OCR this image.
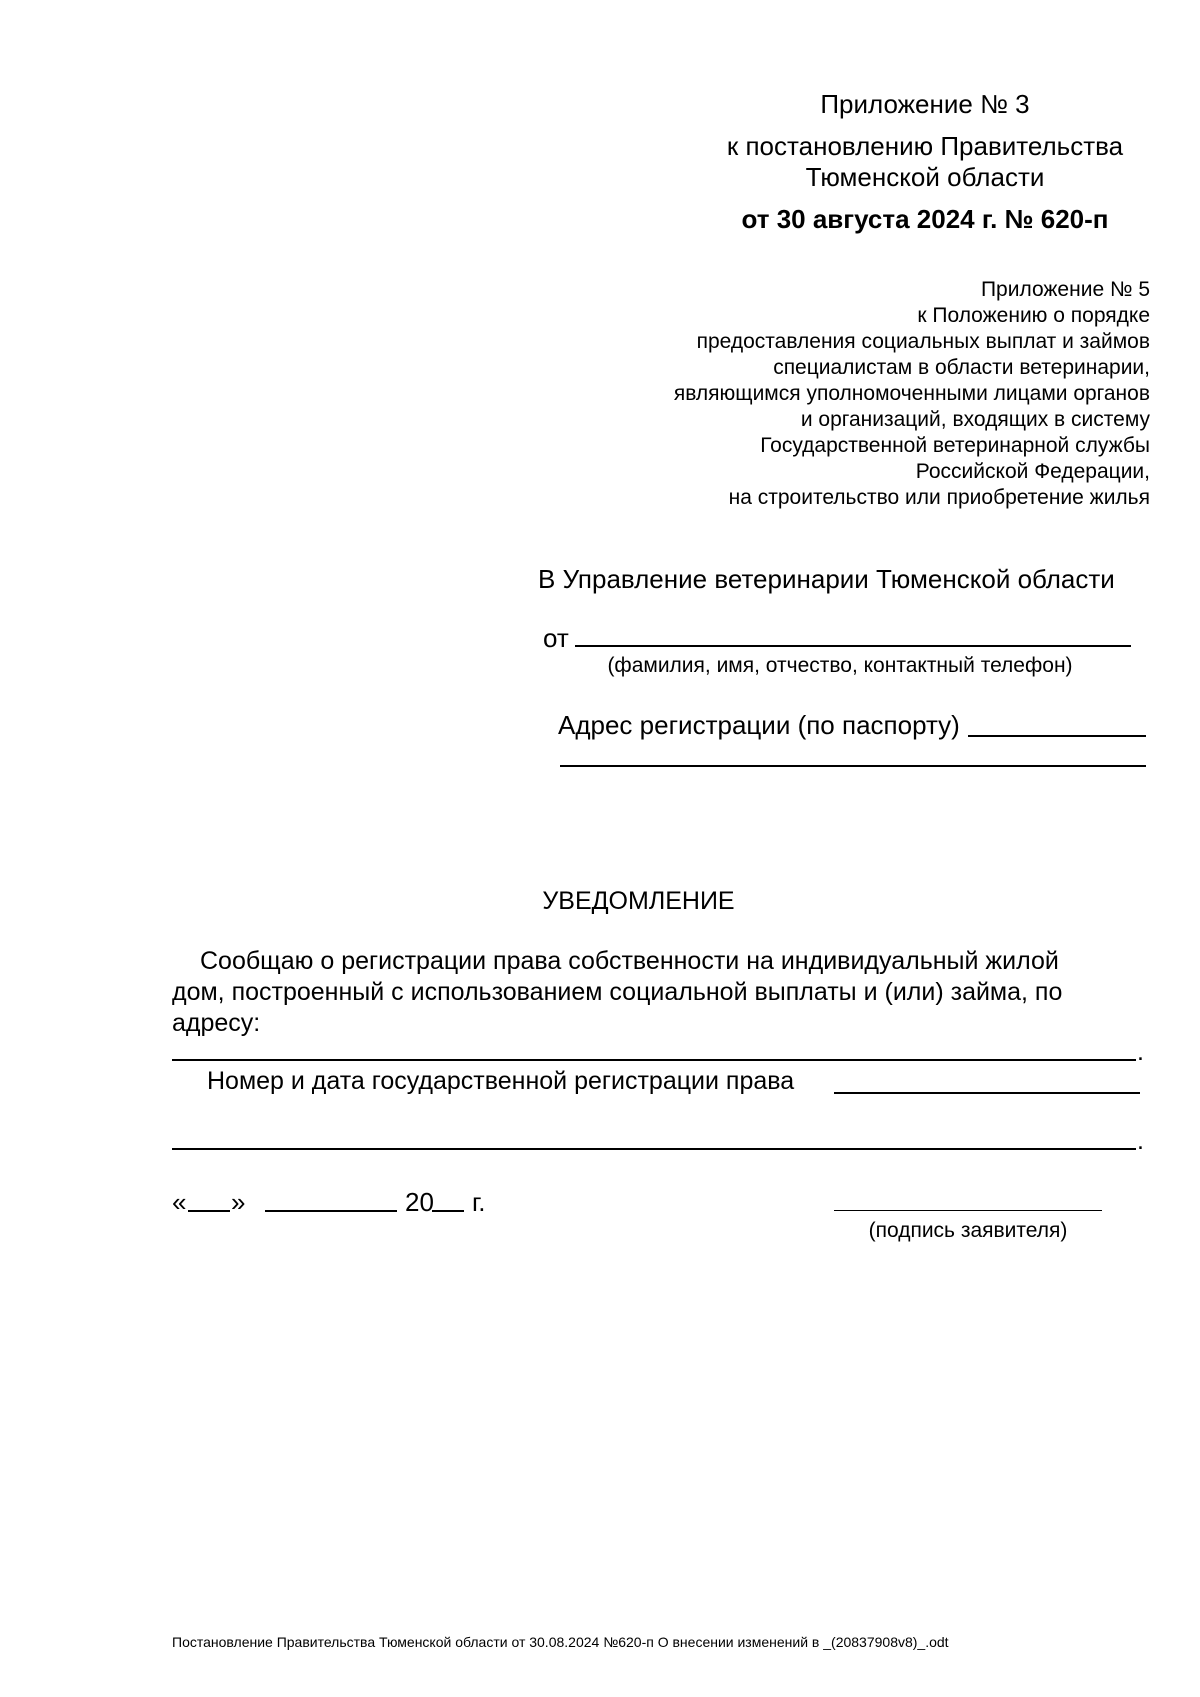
Приложение № 3
к постановлению Правительства
Тюменской области
от 30 августа 2024 г. № 620-п
Приложение № 5
к Положению о порядке
предоставления социальных выплат и займов
специалистам в области ветеринарии,
являющимся уполномоченными лицами органов
и организаций, входящих в систему
Государственной ветеринарной службы
Российской Федерации,
на строительство или приобретение жилья
В Управление ветеринарии Тюменской области
от
(фамилия, имя, отчество, контактный телефон)
Адрес регистрации (по паспорту)
УВЕДОМЛЕНИЕ
Сообщаю о регистрации права собственности на индивидуальный жилой
дом, построенный с использованием социальной выплаты и (или) займа, по
адресу:
.
Номер и дата государственной регистрации права
.
« »	20 г.
(подпись заявителя)
Постановление Правительства Тюменской области от 30.08.2024 №620-п О внесении изменений в _(20837908v8)_.odt
